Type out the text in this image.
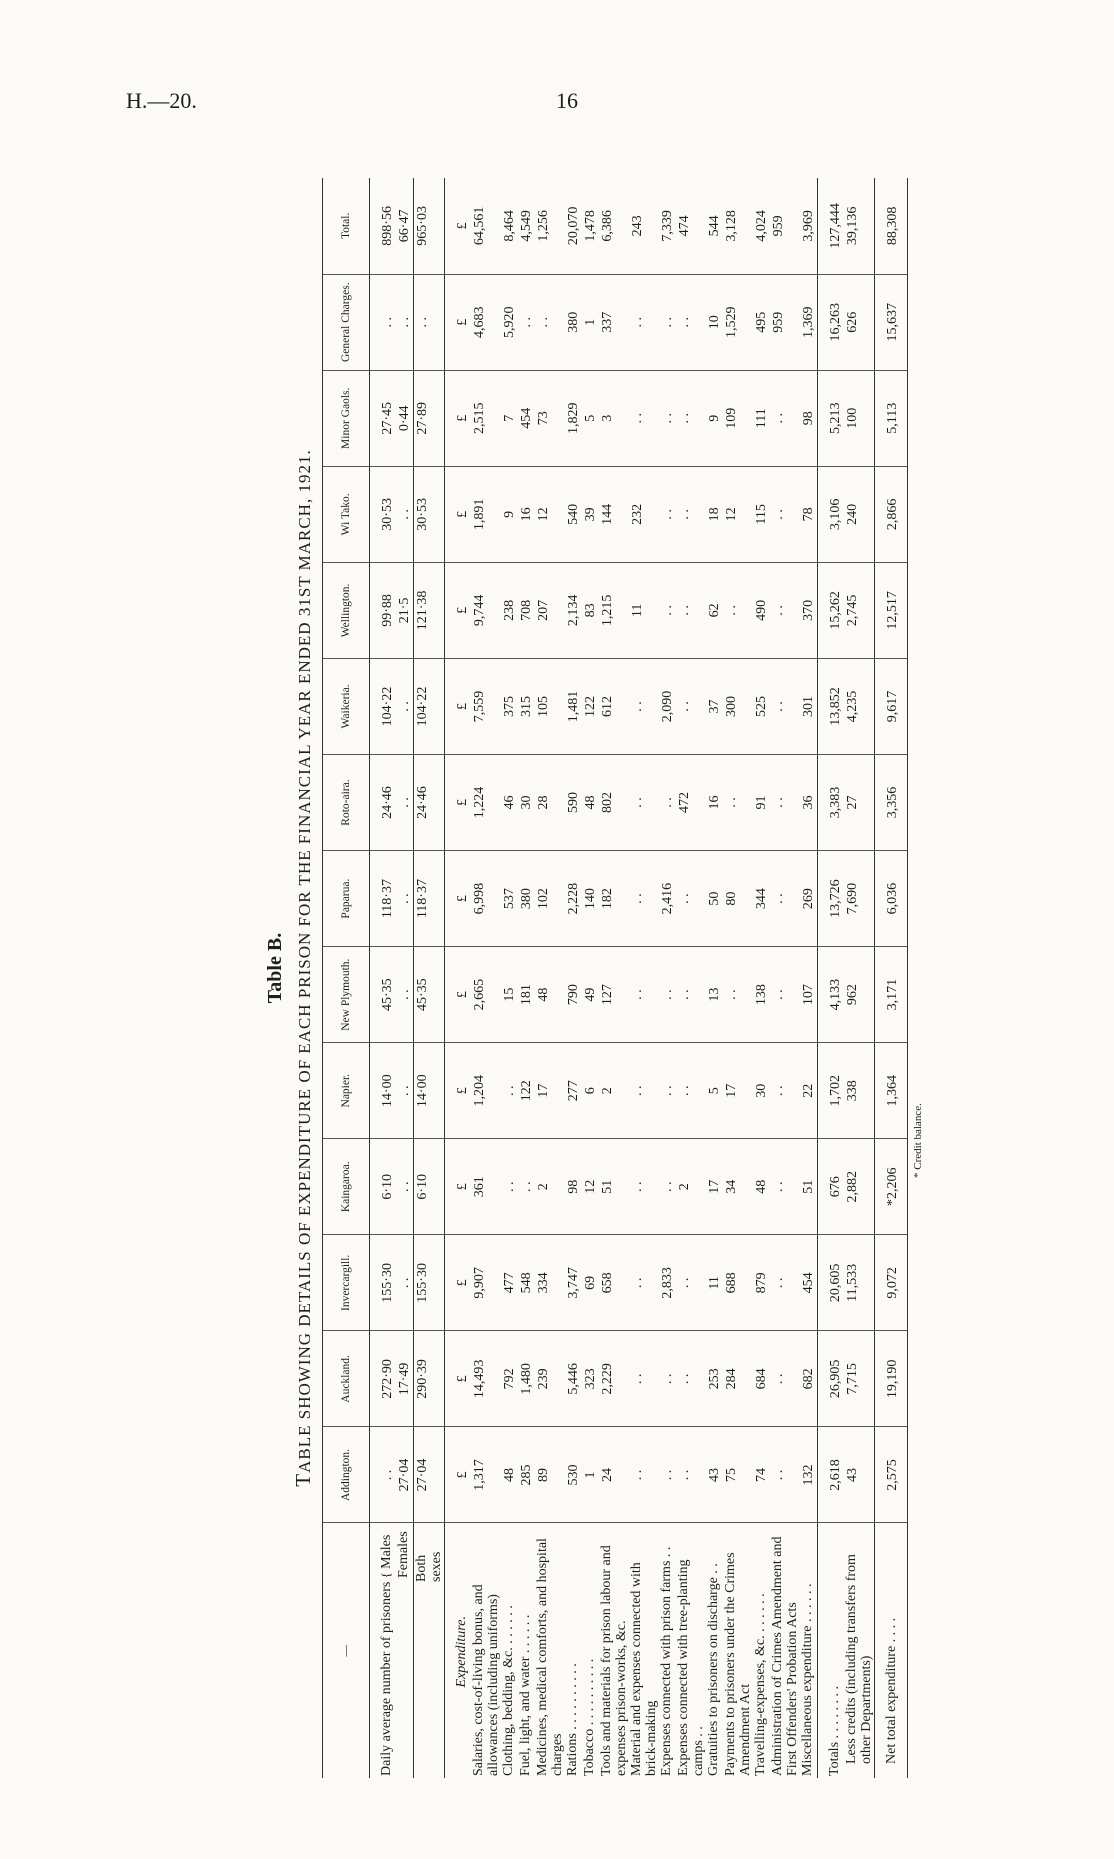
H.—20.	16
Table B.
TABLE SHOWING DETAILS OF EXPENDITURE OF EACH PRISON FOR THE FINANCIAL YEAR ENDED 31ST MARCH, 1921.
—	Addington.	Auckland.	Invercargill.	Kaingaroa.	Napier.	New Plymouth.	Paparua.	Roto-aira.	Waikeria.	Wellington.	Wi Tako.	Minor Gaols.	General Charges.	Total.
Daily average number of prisoners { Males	. .	272·90	155·30	6·10	14·00	45·35	118·37	24·46	104·22	99·88	30·53	27·45	. .	898·56
Females	27·04	17·49	. .	. .	. .	. .	. .	. .	. .	21·5	. .	0·44	. .	66·47
Both sexes	27·04	290·39	155·30	6·10	14·00	45·35	118·37	24·46	104·22	121·38	30·53	27·89	. .	965·03
Expenditure.	£	£	£	£	£	£	£	£	£	£	£	£	£	£
Salaries, cost-of-living bonus, and allowances (including uniforms)	1,317	14,493	9,907	361	1,204	2,665	6,998	1,224	7,559	9,744	1,891	2,515	4,683	64,561
Clothing, bedding, &c. . . . . . .	48	792	477	. .	. .	15	537	46	375	238	9	7	5,920	8,464
Fuel, light, and water . . . . . .	285	1,480	548	. .	122	181	380	30	315	708	16	454	. .	4,549
Medicines, medical comforts, and hospital charges	89	239	334	2	17	48	102	28	105	207	12	73	. .	1,256
Rations . . . . . . . . . .	530	5,446	3,747	98	277	790	2,228	590	1,481	2,134	540	1,829	380	20,070
Tobacco . . . . . . . . . .	1	323	69	12	6	49	140	48	122	83	39	5	1	1,478
Tools and materials for prison labour and expenses prison-works, &c.	24	2,229	658	51	2	127	182	802	612	1,215	144	3	337	6,386
Material and expenses connected with brick-making	. .	. .	. .	. .	. .	. .	. .	. .	. .	11	232	. .	. .	243
Expenses connected with prison farms . .	. .	. .	2,833	. .	. .	. .	2,416	. .	2,090	. .	. .	. .	. .	7,339
Expenses connected with tree-planting camps . .	. .	. .	. .	2	. .	. .	. .	472	. .	. .	. .	. .	. .	474
Gratuities to prisoners on discharge . .	43	253	11	17	5	13	50	16	37	62	18	9	10	544
Payments to prisoners under the Crimes Amendment Act	75	284	688	34	17	. .	80	. .	300	. .	12	109	1,529	3,128
Travelling-expenses, &c. . . . . . .	74	684	879	48	30	138	344	91	525	490	115	111	495	4,024
Administration of Crimes Amendment and First Offenders' Probation Acts	. .	. .	. .	. .	. .	. .	. .	. .	. .	. .	. .	. .	959	959
Miscellaneous expenditure . . . . . .	132	682	454	51	22	107	269	36	301	370	78	98	1,369	3,969
Totals . . . . . . . .	2,618	26,905	20,605	676	1,702	4,133	13,726	3,383	13,852	15,262	3,106	5,213	16,263	127,444
Less credits (including transfers from other Departments)	43	7,715	11,533	2,882	338	962	7,690	27	4,235	2,745	240	100	626	39,136
Net total expenditure . . . .	2,575	19,190	9,072	*2,206	1,364	3,171	6,036	3,356	9,617	12,517	2,866	5,113	15,637	88,308
* Credit balance.
